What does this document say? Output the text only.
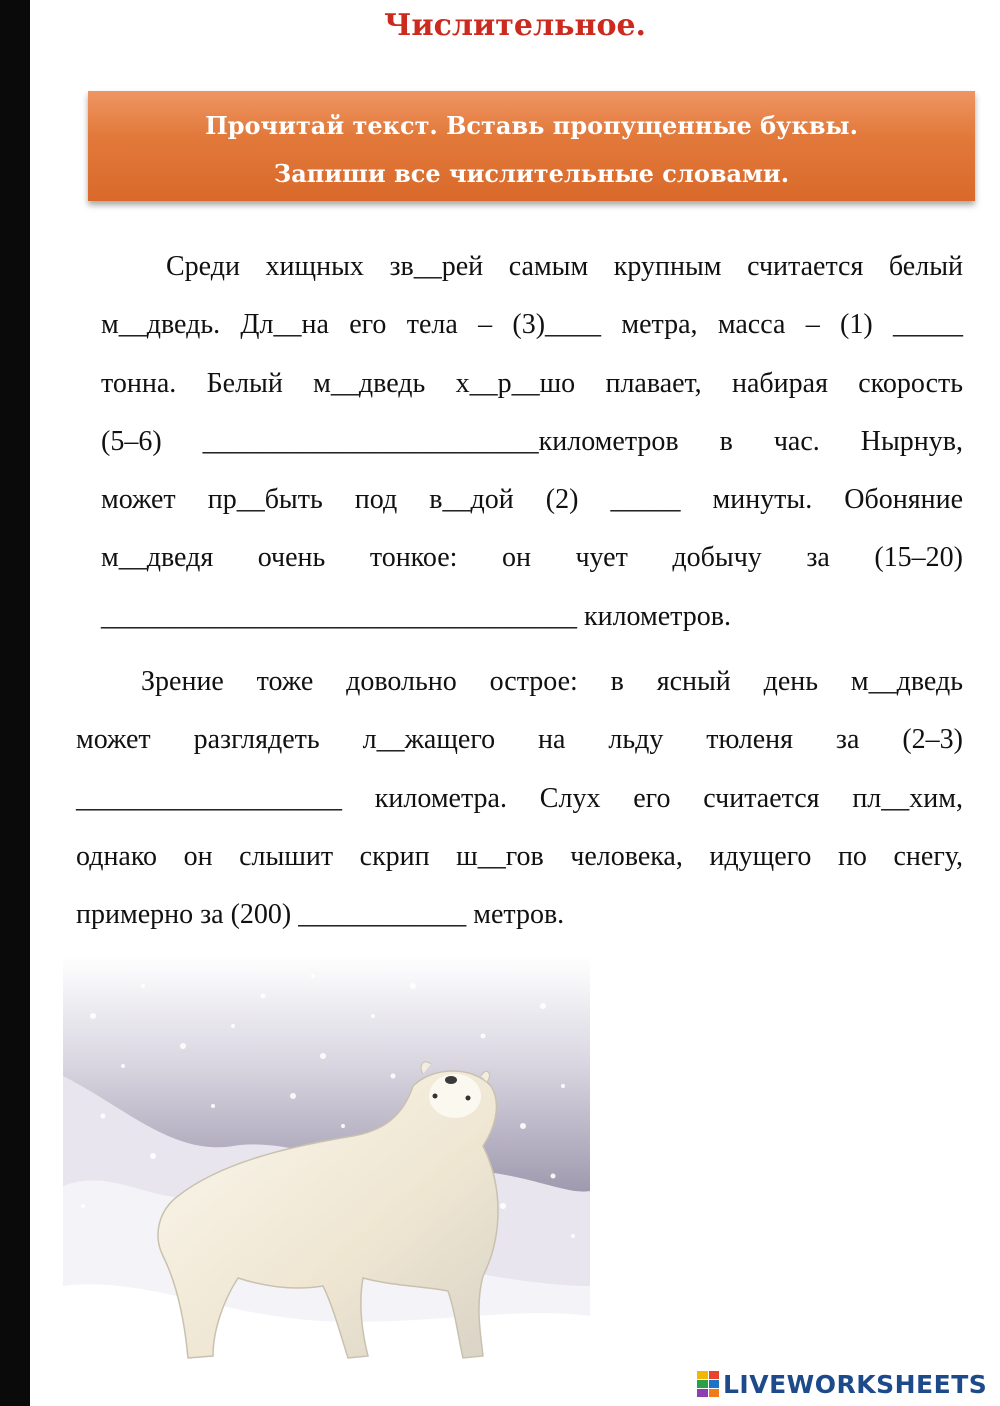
Числительное.
Прочитай текст. Вставь пропущенные буквы.
Запиши все числительные словами.
Среди хищных зв__рей самым крупным считается белый
м__дведь. Дл__на его тела – (3)____ метра, масса – (1) _____
тонна. Белый м__дведь х__р__шо плавает, набирая скорость
(5–6) ________________________километров в час. Нырнув,
может пр__быть под в__дой (2) _____ минуты. Обоняние
м__дведя очень тонкое: он чует добычу за (15–20)
__________________________________ километров.
Зрение тоже довольно острое: в ясный день м__дведь
может разглядеть л__жащего на льду тюленя за (2–3)
___________________ километра. Слух его считается пл__хим,
однако он слышит скрип ш__гов человека, идущего по снегу,
примерно за (200) ____________ метров.
LIVEWORKSHEETS
